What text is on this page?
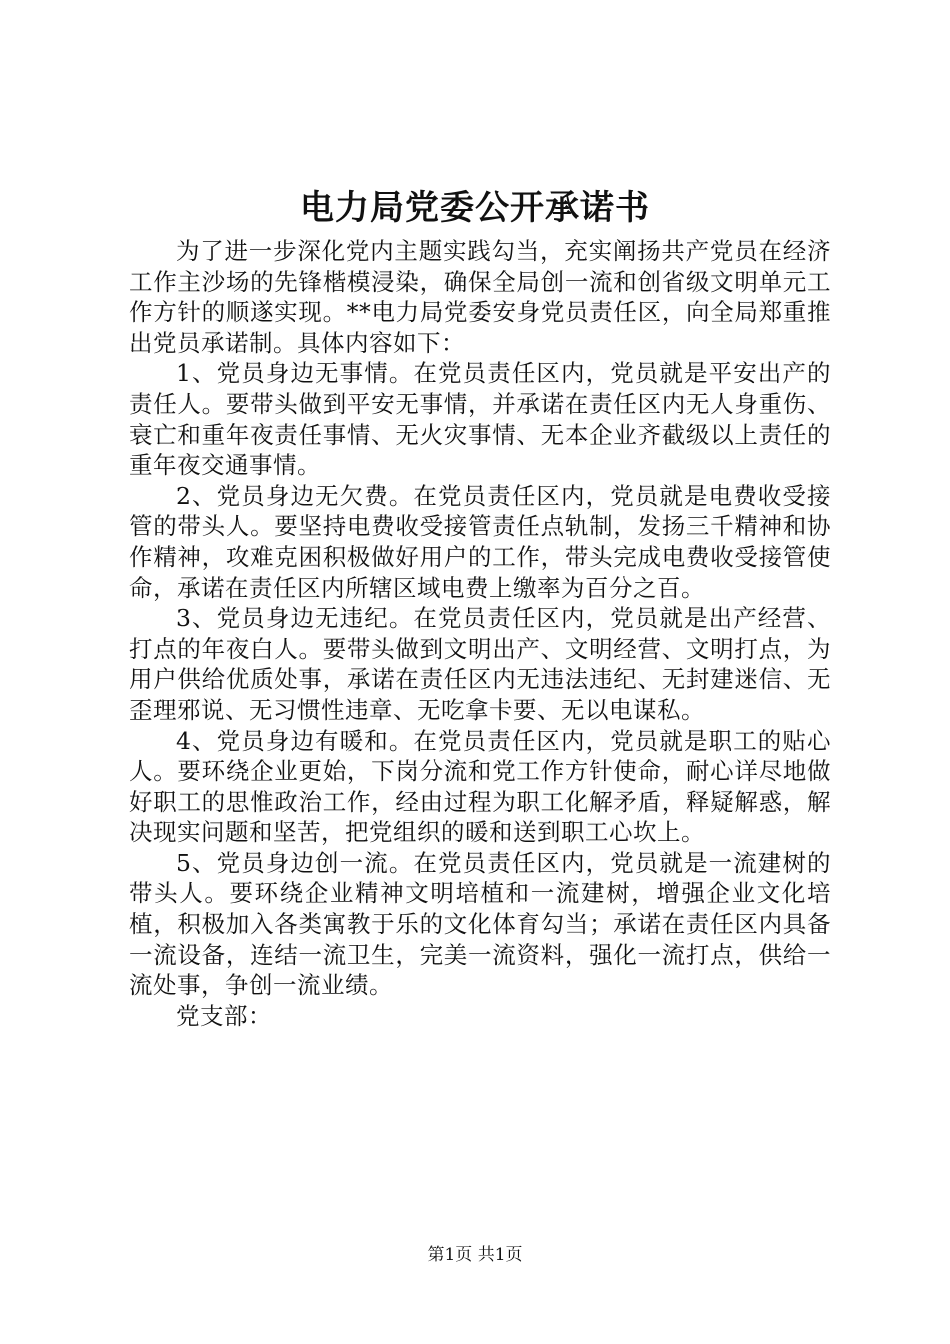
电力局党委公开承诺书

为了进一步深化党内主题实践勾当，充实阐扬共产党员在经济工作主沙场的先锋楷模浸染，确保全局创一流和创省级文明单元工作方针的顺遂实现。**电力局党委安身党员责任区，向全局郑重推出党员承诺制。具体内容如下：

1、党员身边无事情。在党员责任区内，党员就是平安出产的责任人。要带头做到平安无事情，并承诺在责任区内无人身重伤、衰亡和重年夜责任事情、无火灾事情、无本企业齐截级以上责任的重年夜交通事情。

2、党员身边无欠费。在党员责任区内，党员就是电费收受接管的带头人。要坚持电费收受接管责任点轨制，发扬三千精神和协作精神，攻难克困积极做好用户的工作，带头完成电费收受接管使命，承诺在责任区内所辖区域电费上缴率为百分之百。

3、党员身边无违纪。在党员责任区内，党员就是出产经营、打点的年夜白人。要带头做到文明出产、文明经营、文明打点，为用户供给优质处事，承诺在责任区内无违法违纪、无封建迷信、无歪理邪说、无习惯性违章、无吃拿卡要、无以电谋私。

4、党员身边有暖和。在党员责任区内，党员就是职工的贴心人。要环绕企业更始，下岗分流和党工作方针使命，耐心详尽地做好职工的思惟政治工作，经由过程为职工化解矛盾，释疑解惑，解决现实问题和坚苦，把党组织的暖和送到职工心坎上。

5、党员身边创一流。在党员责任区内，党员就是一流建树的带头人。要环绕企业精神文明培植和一流建树，增强企业文化培植，积极加入各类寓教于乐的文化体育勾当；承诺在责任区内具备一流设备，连结一流卫生，完美一流资料，强化一流打点，供给一流处事，争创一流业绩。

党支部：

第1页 共1页
